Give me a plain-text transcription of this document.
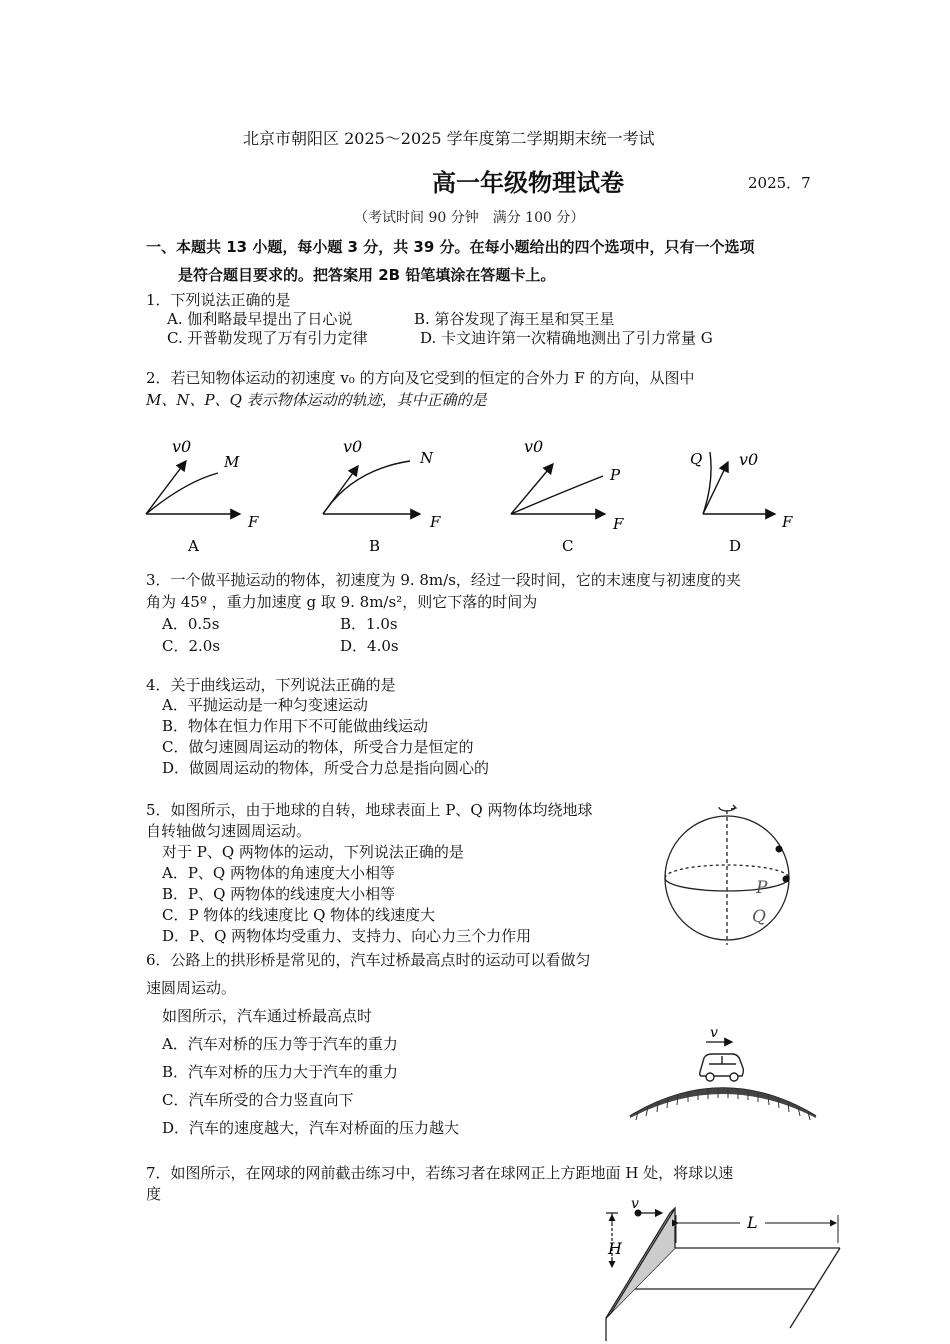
北京市朝阳区 2025～2025 学年度第二学期期末统一考试
高一年级物理试卷	2025．7
（考试时间 90 分钟　满分 100 分）
一、本题共 13 小题，每小题 3 分，共 39 分。在每小题给出的四个选项中，只有一个选项
是符合题目要求的。把答案用 2B 铅笔填涂在答题卡上。
1．下列说法正确的是
A. 伽利略最早提出了日心说	B. 第谷发现了海王星和冥王星
C. 开普勒发现了万有引力定律	D. 卡文迪许第一次精确地测出了引力常量 G
2．若已知物体运动的初速度 v₀ 的方向及它受到的恒定的合外力 F 的方向，从图中
M、N、P、Q 表示物体运动的轨迹，其中正确的是
v0
M
F
A
v0
N
F
B
v0
P
F
C
Q v0
F
D
3．一个做平抛运动的物体，初速度为 9. 8m/s，经过一段时间，它的末速度与初速度的夹
角为 45º ，重力加速度 g 取 9. 8m/s²，则它下落的时间为
A．0.5s	B．1.0s
C．2.0s	D．4.0s
4．关于曲线运动，下列说法正确的是
A．平抛运动是一种匀变速运动
B．物体在恒力作用下不可能做曲线运动
C．做匀速圆周运动的物体，所受合力是恒定的
D．做圆周运动的物体，所受合力总是指向圆心的
5．如图所示，由于地球的自转，地球表面上 P、Q 两物体均绕地球
自转轴做匀速圆周运动。
对于 P、Q 两物体的运动，下列说法正确的是
A．P、Q 两物体的角速度大小相等
B．P、Q 两物体的线速度大小相等
C．P 物体的线速度比 Q 物体的线速度大
D．P、Q 两物体均受重力、支持力、向心力三个力作用
P
Q
6．公路上的拱形桥是常见的，汽车过桥最高点时的运动可以看做匀
速圆周运动。
如图所示，汽车通过桥最高点时
A．汽车对桥的压力等于汽车的重力
B．汽车对桥的压力大于汽车的重力
C．汽车所受的合力竖直向下
D．汽车的速度越大，汽车对桥面的压力越大
v
7．如图所示，在网球的网前截击练习中，若练习者在球网正上方距地面 H 处，将球以速
度
v
H
L
